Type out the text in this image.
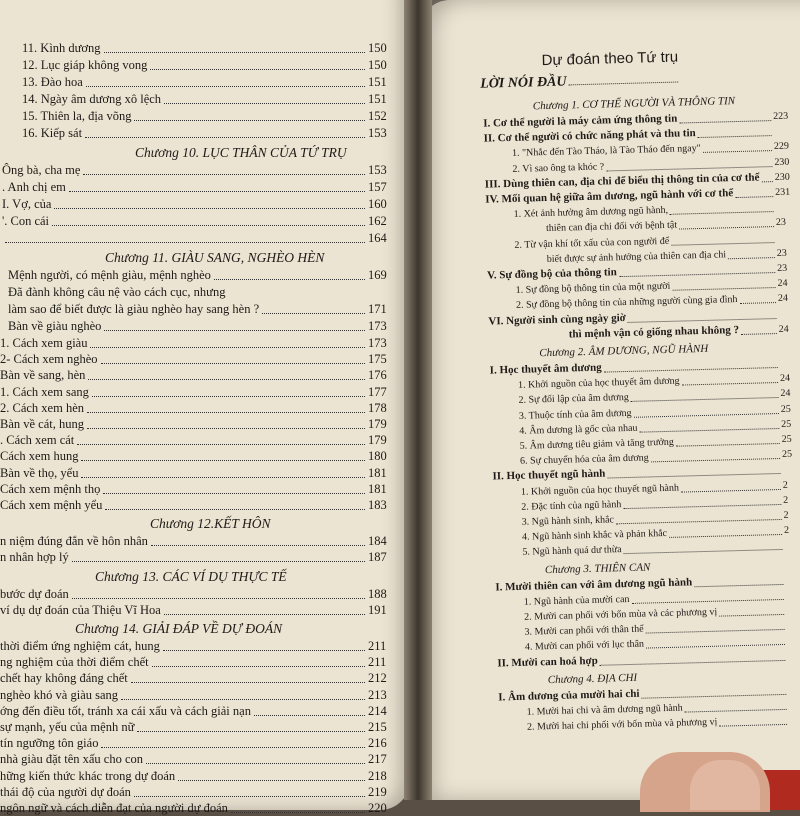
11. Kình dương	150
12. Lục giáp không vong	150
13. Đào hoa	151
14. Ngày âm dương xô lệch	151
15. Thiên la, địa võng	152
16. Kiếp sát	153
Chương 10. LỤC THÂN CỦA TỨ TRỤ
Ông bà, cha mẹ	153
. Anh chị em	157
I. Vợ, của	160
'. Con cái	162
164
Chương 11. GIÀU SANG, NGHÈO HÈN
Mệnh người, có mệnh giàu, mệnh nghèo	169
Đã đành không câu nệ vào cách cục, nhưng
làm sao để biết được là giàu nghèo hay sang hèn ?	171
Bàn về giàu nghèo	173
1. Cách xem giàu	173
2- Cách xem nghèo	175
Bàn về sang, hèn	176
1. Cách xem sang	177
2. Cách xem hèn	178
Bàn về cát, hung	179
. Cách xem cát	179
Cách xem hung	180
Bàn về thọ, yểu	181
Cách xem mệnh thọ	181
Cách xem mệnh yểu	183
Chương 12.KẾT HÔN
n niệm đúng đắn về hôn nhân	184
n nhân hợp lý	187
Chương 13. CÁC VÍ DỤ THỰC TẾ
bước dự đoán	188
ví dụ dự đoán của Thiệu Vĩ Hoa	191
Chương 14. GIẢI ĐÁP VỀ DỰ ĐOÁN
thời điểm ứng nghiệm cát, hung	211
ng nghiệm của thời điểm chết	211
chết hay không đáng chết	212
nghèo khó và giàu sang	213
ớng đến điều tốt, tránh xa cái xấu và cách giải nạn	214
sự mạnh, yếu của mệnh nữ	215
tín ngưỡng tôn giáo	216
nhà giàu đặt tên xấu cho con	217
hững kiến thức khác trong dự đoán	218
thái độ của người dự đoán	219
ngôn ngữ và cách diễn đạt của người dự đoán	220
Dự đoán theo Tứ trụ
LỜI NÓI ĐẦU
Chương 1. CƠ THỂ NGƯỜI VÀ THÔNG TIN
I. Cơ thể người là máy cảm ứng thông tin	223
II. Cơ thể người có chức năng phát và thu tin
1. "Nhắc đến Tào Tháo, là Tào Tháo đến ngay"	229
2. Vì sao ông ta khóc ?	230
III. Dùng thiên can, địa chi để biểu thị thông tin của cơ thể 230
IV. Mối quan hệ giữa âm dương, ngũ hành với cơ thể	231
1. Xét ảnh hưởng âm dương ngũ hành,
thiên can địa chi đối với bệnh tật	23
2. Từ vận khí tốt xấu của con người để
biết được sự ảnh hưởng của thiên can địa chi	23
V. Sự đồng bộ của thông tin	23
1. Sự đồng bộ thông tin của một người	24
2. Sự đồng bộ thông tin của những người cùng gia đình	24
VI. Người sinh cùng ngày giờ
thì mệnh vận có giống nhau không ?	24
Chương 2. ÂM DƯƠNG, NGŨ HÀNH
I. Học thuyết âm dương
1. Khởi nguồn của học thuyết âm dương	24
2. Sự đối lập của âm dương	24
3. Thuộc tính của âm dương	25
4. Âm dương là gốc của nhau	25
5. Âm dương tiêu giảm và tăng trưởng	25
6. Sự chuyển hóa của âm dương	25
II. Học thuyết ngũ hành
1. Khởi nguồn của học thuyết ngũ hành	2
2. Đặc tính của ngũ hành	2
3. Ngũ hành sinh, khắc	2
4. Ngũ hành sinh khắc và phản khắc	2
5. Ngũ hành quá dư thừa
Chương 3. THIÊN CAN
I. Mười thiên can với âm dương ngũ hành
1. Ngũ hành của mười can
2. Mười can phối với bốn mùa và các phương vị
3. Mười can phối với thân thể
4. Mười can phối với lục thân
II. Mười can hoá hợp
Chương 4. ĐỊA CHI
I. Âm dương của mười hai chi
1. Mười hai chi và âm dương ngũ hành
2. Mười hai chi phối với bốn mùa và phương vị
